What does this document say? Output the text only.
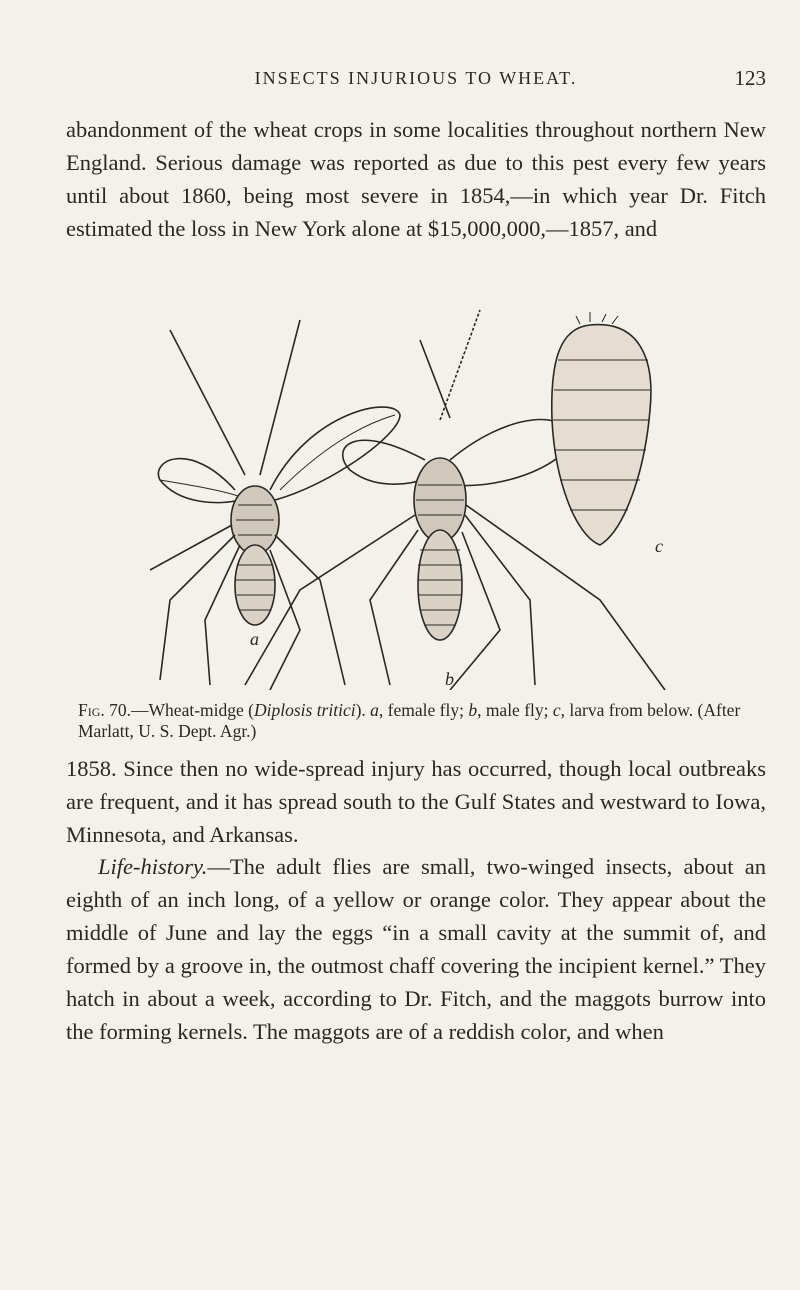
INSECTS INJURIOUS TO WHEAT.	123

abandonment of the wheat crops in some localities throughout northern New England. Serious damage was reported as due to this pest every few years until about 1860, being most severe in 1854,—in which year Dr. Fitch estimated the loss in New York alone at $15,000,000,—1857, and

a
b
c

Fig. 70.—Wheat-midge (Diplosis tritici). a, female fly; b, male fly; c, larva from below. (After Marlatt, U. S. Dept. Agr.)

1858. Since then no wide-spread injury has occurred, though local outbreaks are frequent, and it has spread south to the Gulf States and westward to Iowa, Minnesota, and Arkansas.

Life-history.—The adult flies are small, two-winged insects, about an eighth of an inch long, of a yellow or orange color. They appear about the middle of June and lay the eggs “in a small cavity at the summit of, and formed by a groove in, the outmost chaff covering the incipient kernel.” They hatch in about a week, according to Dr. Fitch, and the maggots burrow into the forming kernels. The maggots are of a reddish color, and when
